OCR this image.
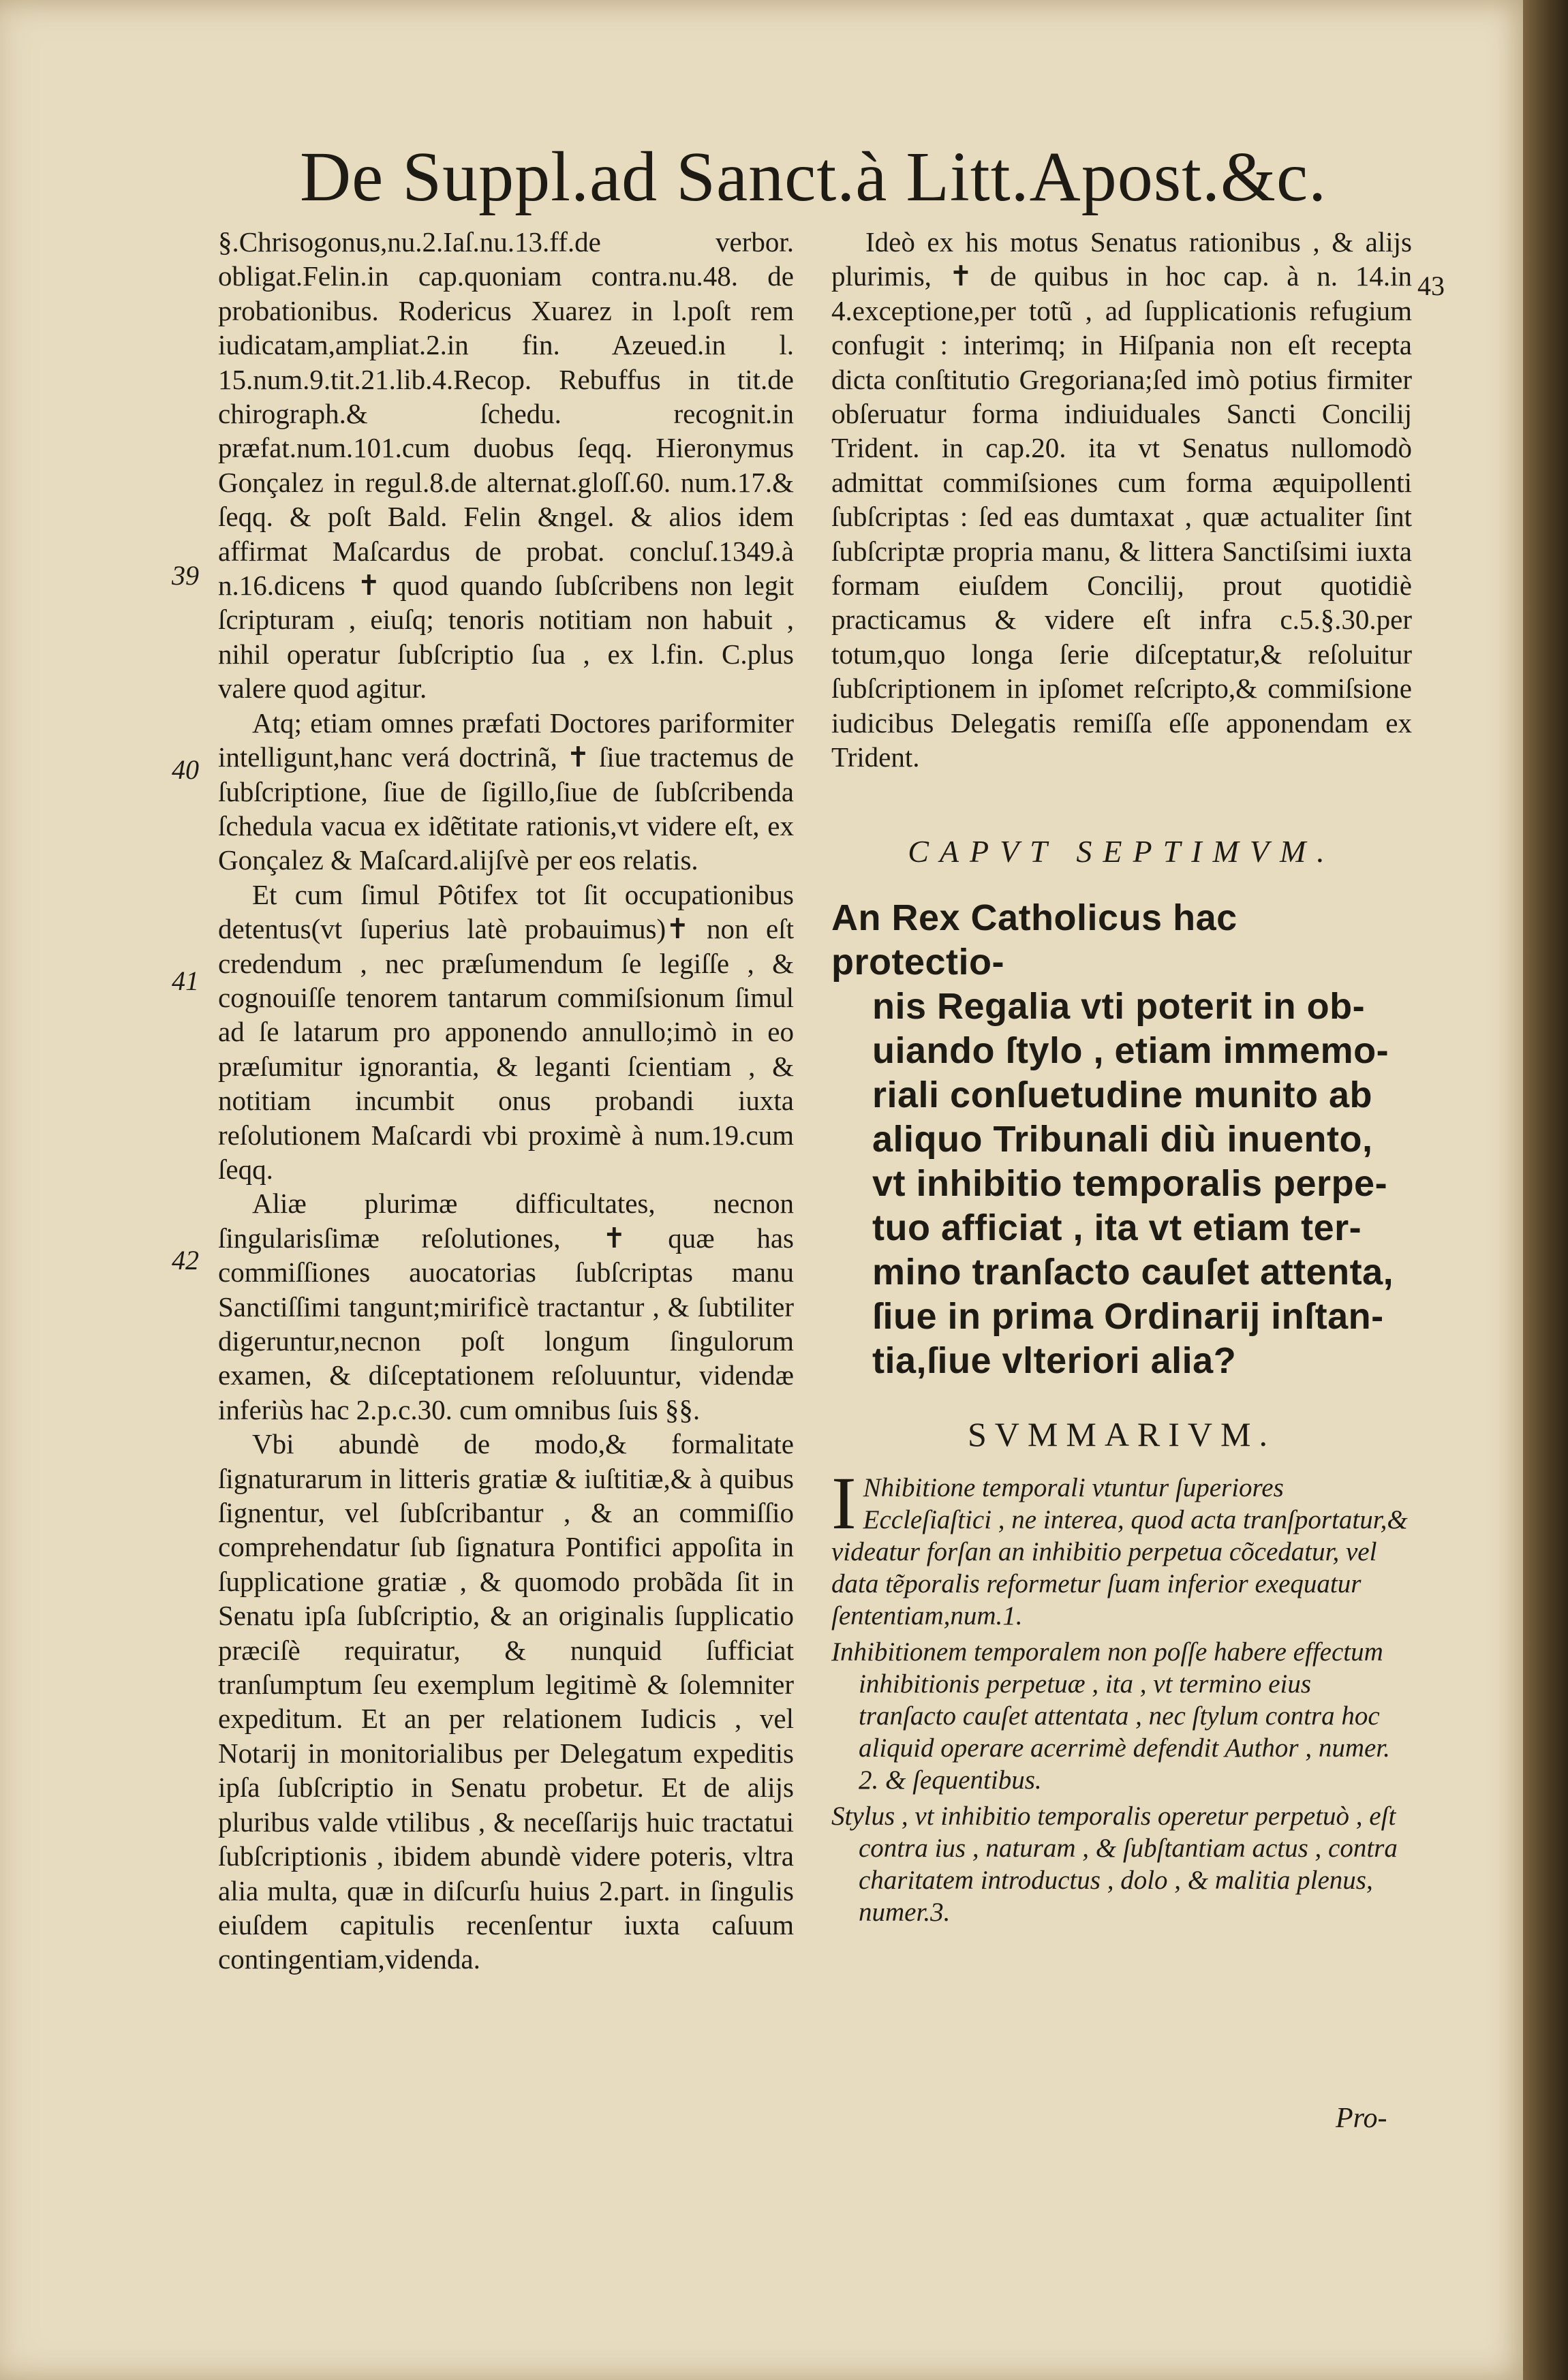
De Suppl.ad Sanct.à Litt.Apost.&c.

§.Chrisogonus,nu.2.Iaſ.nu.13.ff.de verbor. obligat.Felin.in cap.quoniam contra.nu.48. de probationibus. Rodericus Xuarez in l.poſt rem iudicatam,ampliat.2.in fin. Azeued.in l. 15.num.9.tit.21.lib.4.Recop. Rebuffus in tit.de chirograph.& ſchedu. recognit.in præfat.num.101.cum duobus ſeqq. Hieronymus Gonçalez in regul.8.de alternat.gloſſ.60. num.17.& ſeqq. & poſt Bald. Felin &ngel. & alios idem affirmat Maſcardus de probat. concluſ.1349.à n.16.dicens ✝ quod quando ſubſcribens non legit ſcripturam , eiuſq; tenoris notitiam non habuit , nihil operatur ſubſcriptio ſua , ex l.fin. C.plus valere quod agitur.

Atq; etiam omnes præfati Doctores pariformiter intelligunt,hanc verá doctrinã, ✝ ſiue tractemus de ſubſcriptione, ſiue de ſigillo,ſiue de ſubſcribenda ſchedula vacua ex idẽtitate rationis,vt videre eſt, ex Gonçalez & Maſcard.alijſvè per eos relatis.

Et cum ſimul Pôtifex tot ſit occupationibus detentus(vt ſuperius latè probauimus)✝ non eſt credendum , nec præſumendum ſe legiſſe , & cognouiſſe tenorem tantarum commiſsionum ſimul ad ſe latarum pro apponendo annullo;imò in eo præſumitur ignorantia, & leganti ſcientiam , & notitiam incumbit onus probandi iuxta reſolutionem Maſcardi vbi proximè à num.19.cum ſeqq.

Aliæ plurimæ difficultates, necnon ſingularisſimæ reſolutiones, ✝ quæ has commiſſiones auocatorias ſubſcriptas manu Sanctiſſimi tangunt;mirificè tractantur , & ſubtiliter digeruntur,necnon poſt longum ſingulorum examen, & diſceptationem reſoluuntur, videndæ inferiùs hac 2.p.c.30. cum omnibus ſuis §§.

Vbi abundè de modo,& formalitate ſignaturarum in litteris gratiæ & iuſtitiæ,& à quibus ſignentur, vel ſubſcribantur , & an commiſſio comprehendatur ſub ſignatura Pontifici appoſita in ſupplicatione gratiæ , & quomodo probãda ſit in Senatu ipſa ſubſcriptio, & an originalis ſupplicatio præciſè requiratur, & nunquid ſufficiat tranſumptum ſeu exemplum legitimè & ſolemniter expeditum. Et an per relationem Iudicis , vel Notarij in monitorialibus per Delegatum expeditis ipſa ſubſcriptio in Senatu probetur. Et de alijs pluribus valde vtilibus , & neceſſarijs huic tractatui ſubſcriptionis , ibidem abundè videre poteris, vltra alia multa, quæ in diſcurſu huius 2.part. in ſingulis eiuſdem capitulis recenſentur iuxta caſuum contingentiam,videnda.

39
40
41
42

Ideò ex his motus Senatus rationibus , & alijs plurimis, ✝ de quibus in hoc cap. à n. 14.in 4.exceptione,per totũ , ad ſupplicationis refugium confugit : interimq; in Hiſpania non eſt recepta dicta conſtitutio Gregoriana;ſed imò potius firmiter obſeruatur forma indiuiduales Sancti Concilij Trident. in cap.20. ita vt Senatus nullomodò admittat commiſsiones cum forma æquipollenti ſubſcriptas : ſed eas dumtaxat , quæ actualiter ſint ſubſcriptæ propria manu, & littera Sanctiſsimi iuxta formam eiuſdem Concilij, prout quotidiè practicamus & videre eſt infra c.5.§.30.per totum,quo longa ſerie diſceptatur,& reſoluitur ſubſcriptionem in ipſomet reſcripto,& commiſsione iudicibus Delegatis remiſſa eſſe apponendam ex Trident.

CAPVT SEPTIMVM.
An Rex Catholicus hac protectio-
nis Regalia vti poterit in ob-
uiando ſtylo , etiam immemo-
riali conſuetudine munito ab
aliquo Tribunali diù inuento,
vt inhibitio temporalis perpe-
tuo afficiat , ita vt etiam ter-
mino tranſacto cauſet attenta,
ſiue in prima Ordinarij inſtan-
tia,ſiue vlteriori alia?
SVMMARIVM.
I Nhibitione temporali vtuntur ſuperiores Eccleſiaſtici , ne interea, quod acta tranſportatur,& videatur forſan an inhibitio perpetua cõcedatur, vel data tẽporalis reformetur ſuam inferior exequatur ſententiam,num.1.
Inhibitionem temporalem non poſſe habere effectum inhibitionis perpetuæ , ita , vt termino eius tranſacto cauſet attentata , nec ſtylum contra hoc aliquid operare acerrimè defendit Author , numer. 2. & ſequentibus.
Stylus , vt inhibitio temporalis operetur perpetuò , eſt contra ius , naturam , & ſubſtantiam actus , contra charitatem introductus , dolo , & malitia plenus, numer.3.
43
Pro-
